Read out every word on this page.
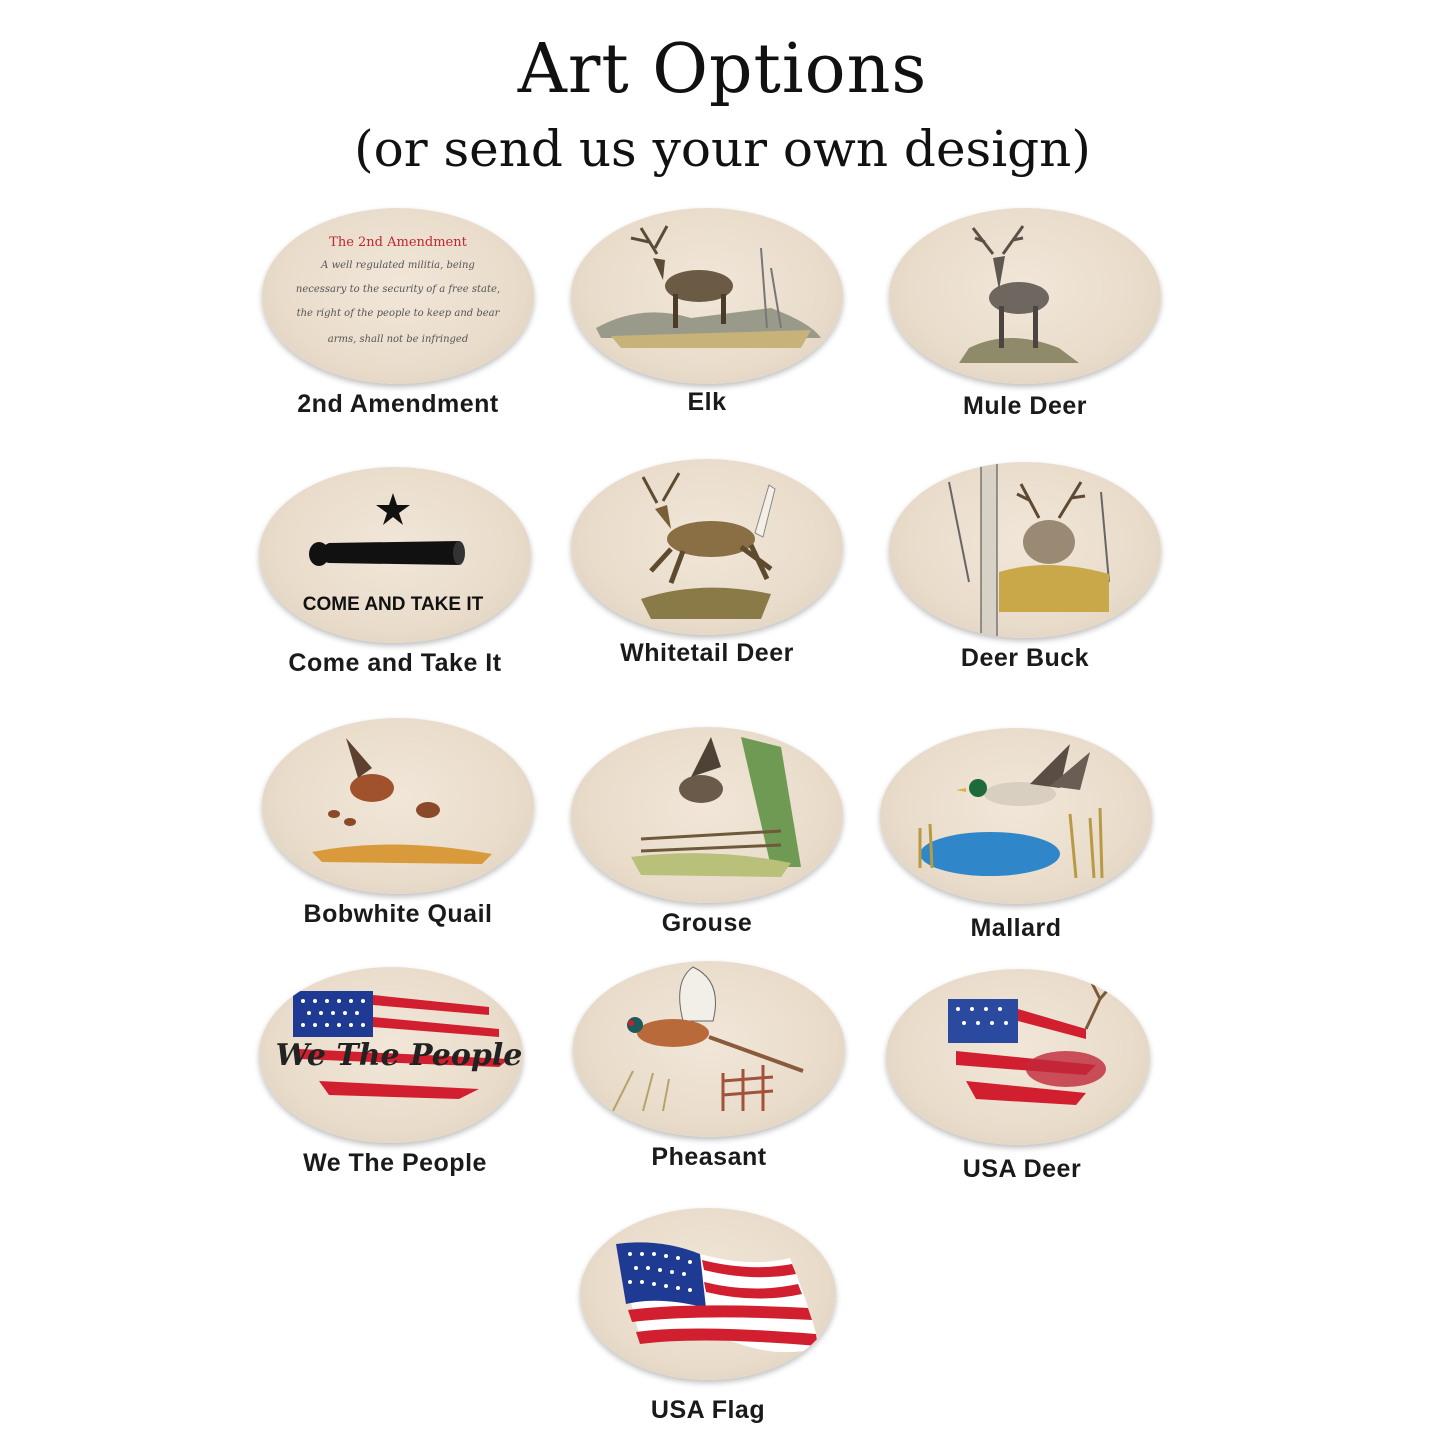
Art Options
(or send us your own design)
The 2nd Amendment
A well regulated militia, being
necessary to the security of a free state,
the right of the people to keep and bear
arms, shall not be infringed
2nd Amendment	Elk	Mule Deer
COME AND TAKE IT
Come and Take It	Whitetail Deer	Deer Buck
Bobwhite Quail	Grouse	Mallard
We The People
We The People	Pheasant	USA Deer
USA Flag
